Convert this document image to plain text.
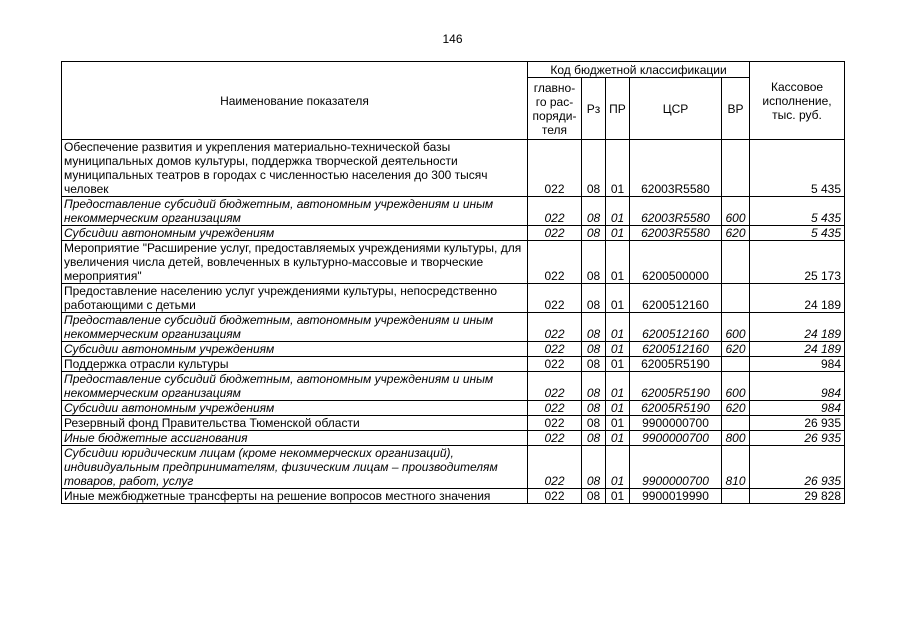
146
Наименование показателя	Код бюджетной классификации					Кассовое исполнение, тыс. руб.
	главно-го рас-поряди-теля	Рз	ПР	ЦСР	ВР	
Обеспечение развития и укрепления материально-технической базы муниципальных домов культуры, поддержка творческой деятельности муниципальных театров в городах с численностью населения до 300 тысяч человек	022	08	01	62003R5580		5 435
Предоставление субсидий бюджетным, автономным учреждениям и иным некоммерческим организациям	022	08	01	62003R5580	600	5 435
Субсидии автономным учреждениям	022	08	01	62003R5580	620	5 435
Мероприятие "Расширение услуг, предоставляемых учреждениями культуры, для увеличения числа детей, вовлеченных в культурно-массовые и творческие мероприятия"	022	08	01	6200500000		25 173
Предоставление населению услуг учреждениями культуры, непосредственно работающими с детьми	022	08	01	6200512160		24 189
Предоставление субсидий бюджетным, автономным учреждениям и иным некоммерческим организациям	022	08	01	6200512160	600	24 189
Субсидии автономным учреждениям	022	08	01	6200512160	620	24 189
Поддержка отрасли культуры	022	08	01	62005R5190		984
Предоставление субсидий бюджетным, автономным учреждениям и иным некоммерческим организациям	022	08	01	62005R5190	600	984
Субсидии автономным учреждениям	022	08	01	62005R5190	620	984
Резервный фонд Правительства Тюменской области	022	08	01	9900000700		26 935
Иные бюджетные ассигнования	022	08	01	9900000700	800	26 935
Субсидии юридическим лицам (кроме некоммерческих организаций), индивидуальным предпринимателям, физическим лицам – производителям товаров, работ, услуг	022	08	01	9900000700	810	26 935
Иные межбюджетные трансферты на решение вопросов местного значения	022	08	01	9900019990		29 828
